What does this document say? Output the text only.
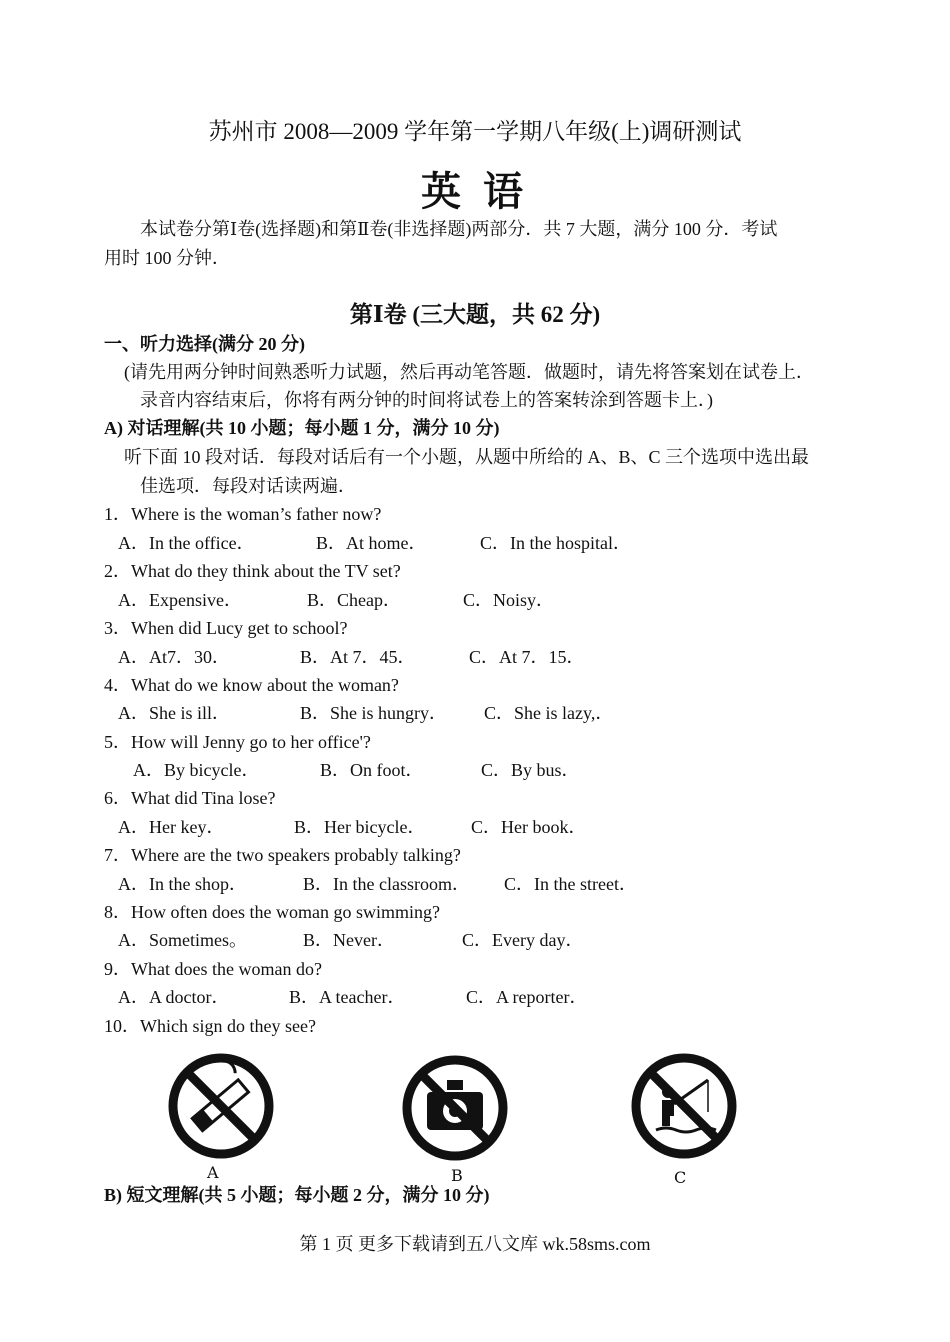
苏州市 2008—2009 学年第一学期八年级(上)调研测试
英 语
本试卷分第Ⅰ卷(选择题)和第Ⅱ卷(非选择题)两部分．共 7 大题，满分 100 分．考试
用时 100 分钟．
第Ⅰ卷 (三大题，共 62 分)
一、听力选择(满分 20 分)
(请先用两分钟时间熟悉听力试题，然后再动笔答题．做题时，请先将答案划在试卷上．
录音内容结束后，你将有两分钟的时间将试卷上的答案转涂到答题卡上．)
A) 对话理解(共 10 小题；每小题 1 分，满分 10 分)
听下面 10 段对话．每段对话后有一个小题，从题中所给的 A、B、C 三个选项中选出最
佳选项．每段对话读两遍．
1．Where is the woman’s father now?
A．In the office．	B．At home．	C．In the hospital．
2．What do they think about the TV set?
A．Expensive．	B．Cheap．	C．Noisy．
3．When did Lucy get to school?
A．At7．30．	B．At 7．45．	C．At 7．15．
4．What do we know about the woman?
A．She is ill．	B．She is hungry． C．She is lazy,．
5．How will Jenny go to her office'?
A．By bicycle．	B．On foot．	C．By bus．
6．What did Tina lose?
A．Her key．	B．Her bicycle．	C．Her book．
7．Where are the two speakers probably talking?
A．In the shop．	B．In the classroom． C．In the street．
8．How often does the woman go swimming?
A．Sometimes。	B．Never．	C．Every day．
9．What does the woman do?
A．A doctor．	B．A teacher．	C．A reporter．
10．Which sign do they see?
A	B	C
B) 短文理解(共 5 小题；每小题 2 分，满分 10 分)
第 1 页 更多下载请到五八文库 wk.58sms.com
